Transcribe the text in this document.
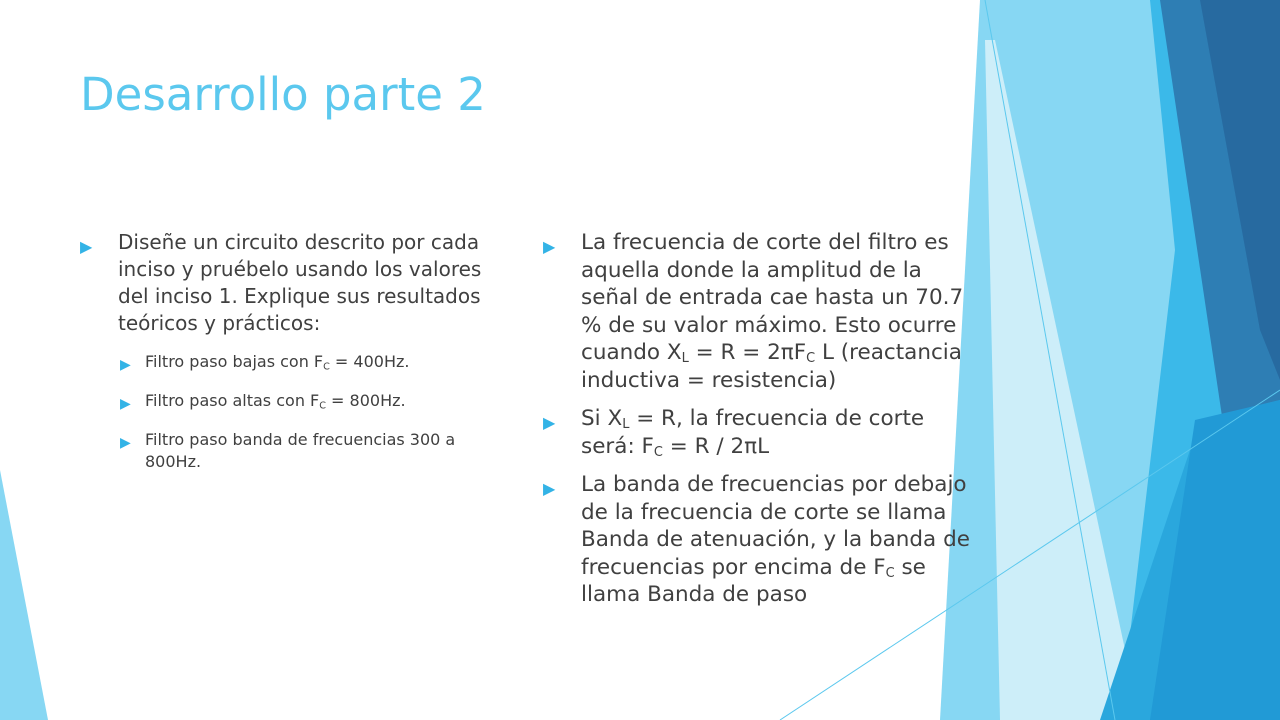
Desarrollo parte 2
▶ Diseñe un circuito descrito por cada inciso y pruébelo usando los valores del inciso 1. Explique sus resultados teóricos y prácticos:
▶ Filtro paso bajas con $F_C = 400Hz$.
▶ Filtro paso altas con $F_C = 800Hz$.
▶ Filtro paso banda de frecuencias 300 a 800Hz.
▶ La frecuencia de corte del filtro es aquella donde la amplitud de la señal de entrada cae hasta un 70.7 % de su valor máximo. Esto ocurre cuando $X_L = R = 2\pi F_C$ L (reactancia inductiva = resistencia)
▶ Si $X_L = R$, la frecuencia de corte será: $F_C = R / 2\pi L$
▶ La banda de frecuencias por debajo de la frecuencia de corte se llama Banda de atenuación, y la banda de frecuencias por encima de $F_C$ se llama Banda de paso
